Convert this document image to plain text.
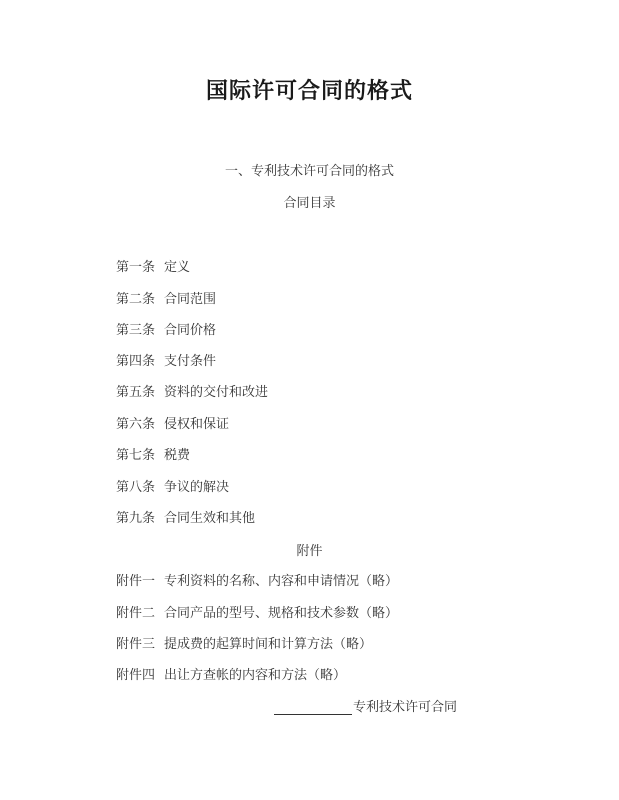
国际许可合同的格式
一、专利技术许可合同的格式
合同目录
第一条 定义
第二条 合同范围
第三条 合同价格
第四条 支付条件
第五条 资料的交付和改进
第六条 侵权和保证
第七条 税费
第八条 争议的解决
第九条 合同生效和其他
附件
附件一 专利资料的名称、内容和申请情况（略）
附件二 合同产品的型号、规格和技术参数（略）
附件三 提成费的起算时间和计算方法（略）
附件四 出让方查帐的内容和方法（略）
专利技术许可合同
